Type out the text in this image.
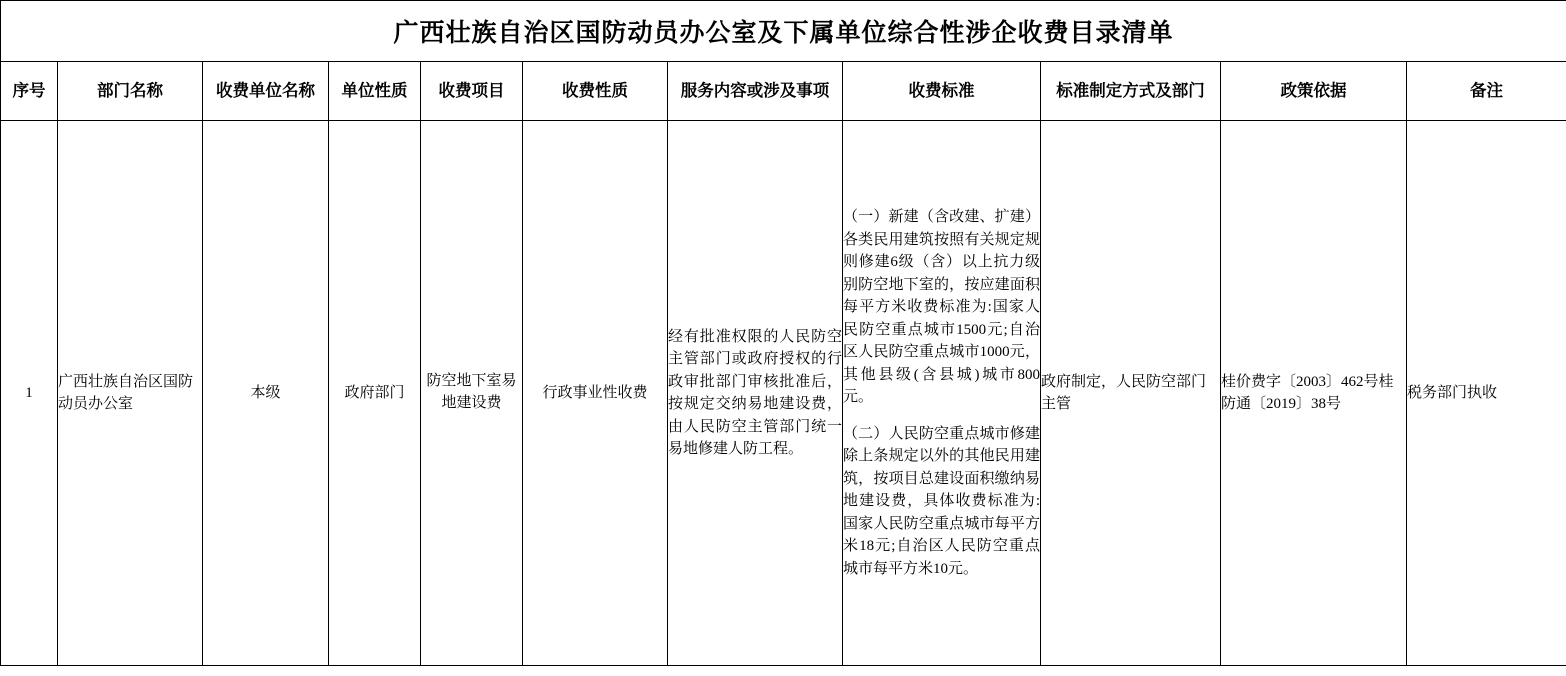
广西壮族自治区国防动员办公室及下属单位综合性涉企收费目录清单										
序号	部门名称	收费单位名称	单位性质	收费项目	收费性质	服务内容或涉及事项	收费标准	标准制定方式及部门	政策依据	备注
1	广西壮族自治区国防动员办公室	本级	政府部门	防空地下室易地建设费	行政事业性收费	经有批准权限的人民防空主管部门或政府授权的行政审批部门审核批准后，按规定交纳易地建设费，由人民防空主管部门统一易地修建人防工程。	（一）新建（含改建、扩建）各类民用建筑按照有关规定规则修建6级（含）以上抗力级别防空地下室的，按应建面积每平方米收费标准为:国家人民防空重点城市1500元;自治区人民防空重点城市1000元，其他县级(含县城)城市800元。

（二）人民防空重点城市修建除上条规定以外的其他民用建筑，按项目总建设面积缴纳易地建设费，具体收费标准为:国家人民防空重点城市每平方米18元;自治区人民防空重点城市每平方米10元。	政府制定，人民防空部门主管	桂价费字〔2003〕462号桂防通〔2019〕38号	税务部门执收
